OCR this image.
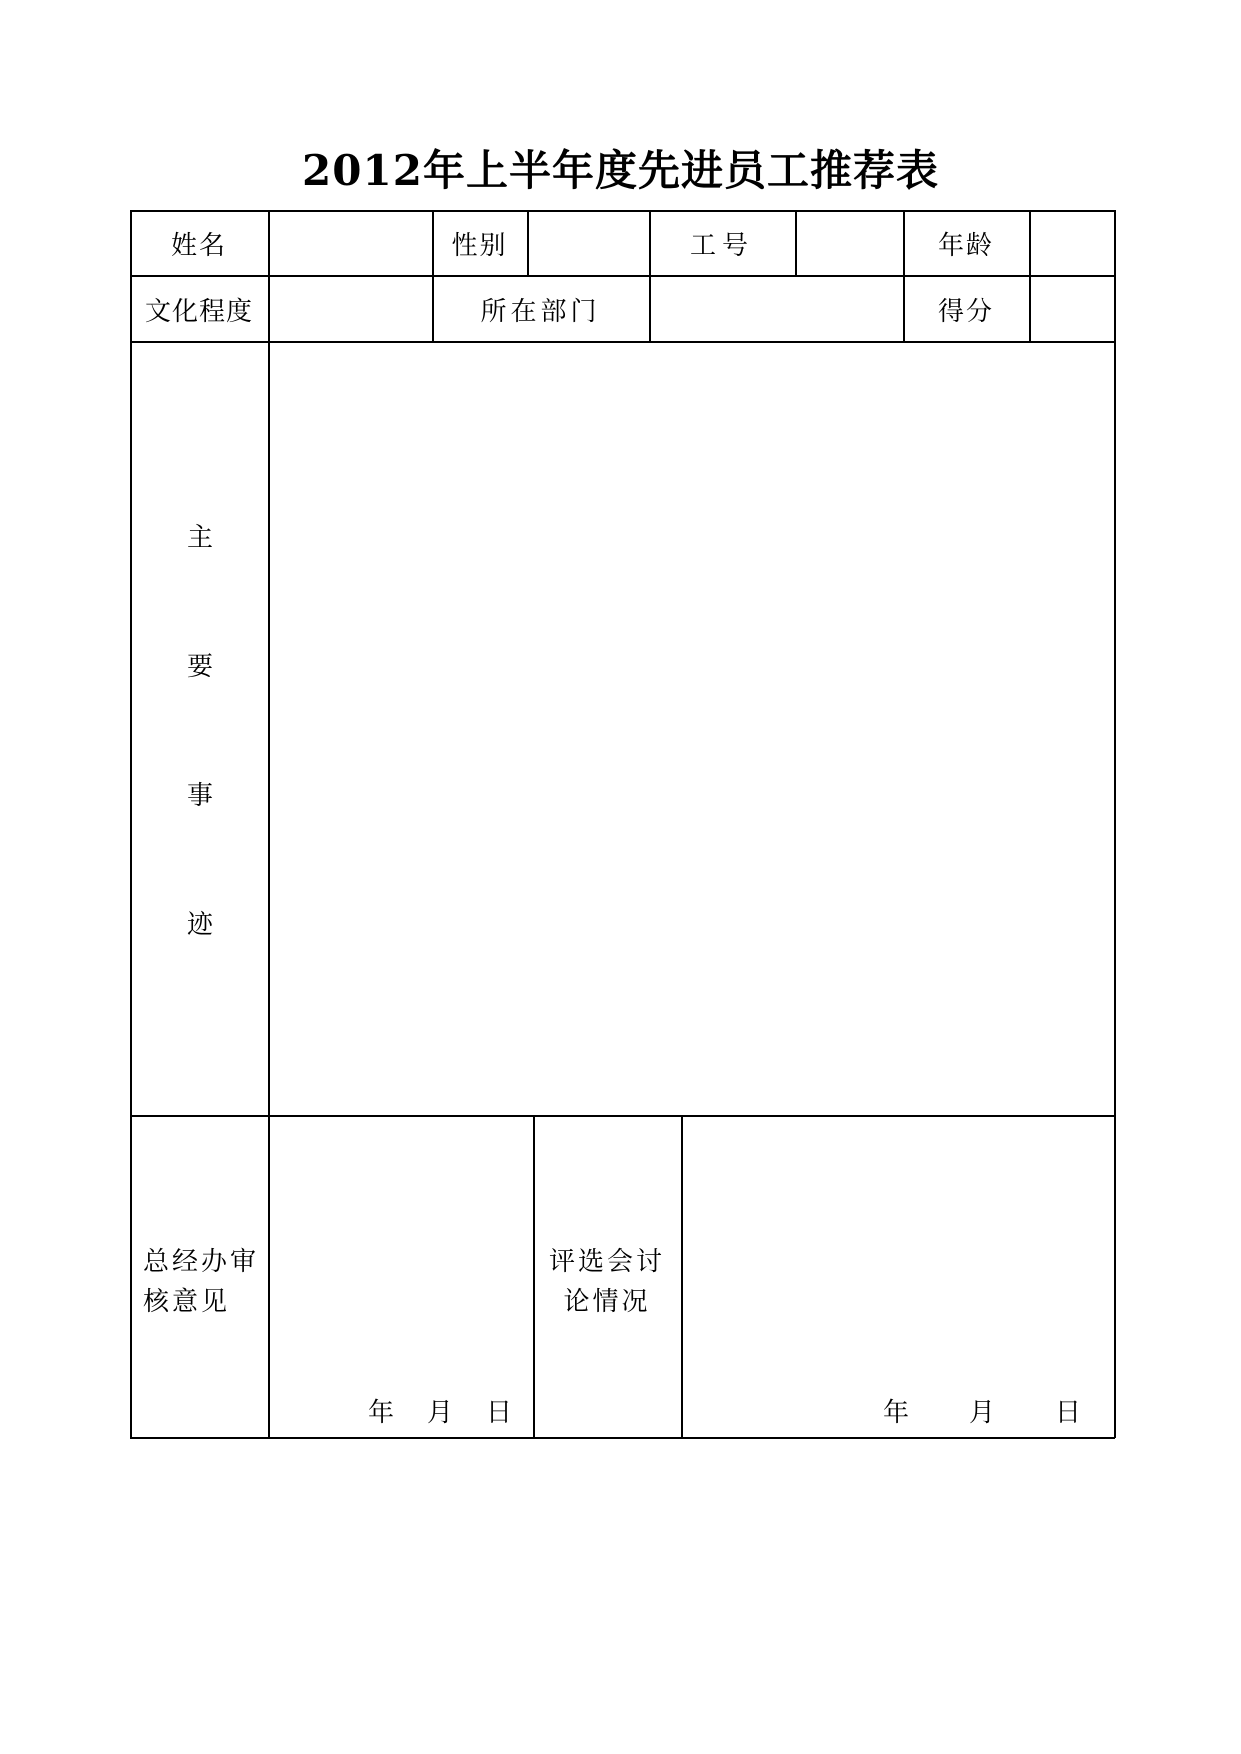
2012年上半年度先进员工推荐表
姓名	性别	工号	年龄
文化程度	所在部门	得分
主
要
事
迹
总经办审
核意见
年 月 日
评选会讨
论情况
年 月 日
